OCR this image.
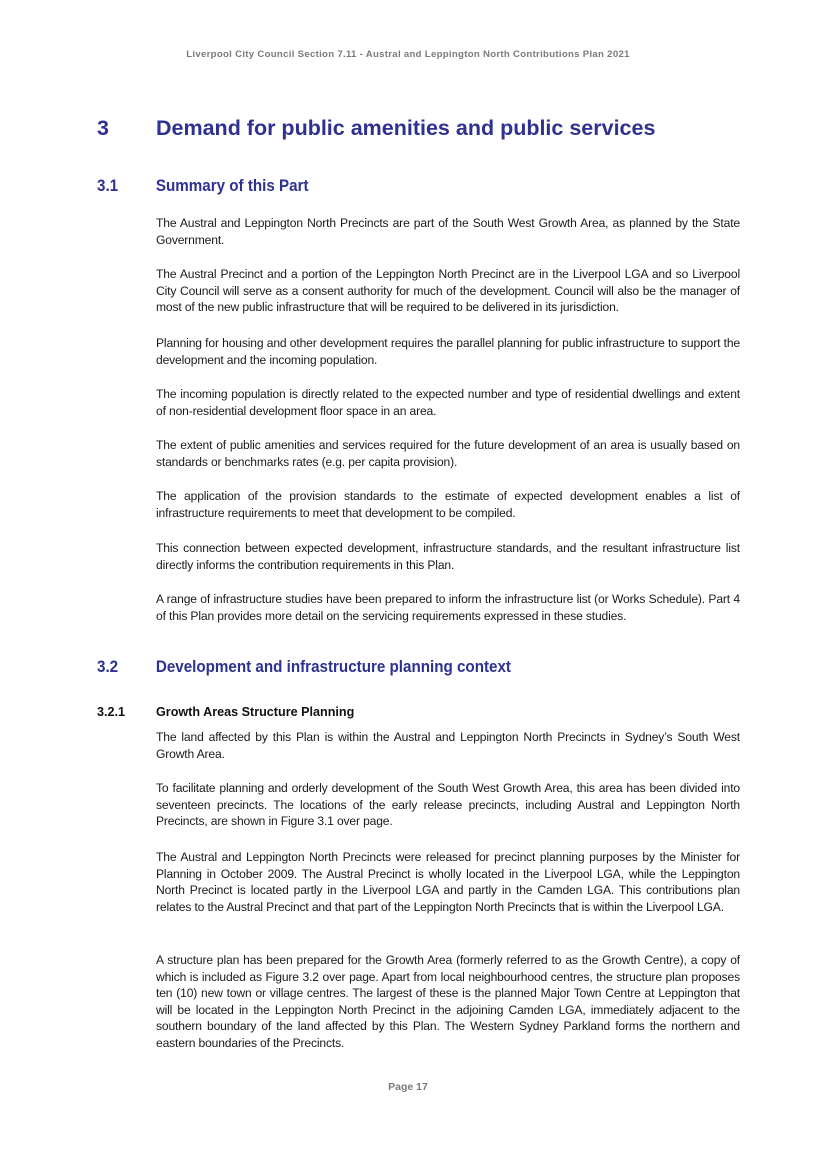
Liverpool City Council Section 7.11 - Austral and Leppington North Contributions Plan 2021
3 Demand for public amenities and public services
3.1 Summary of this Part

The Austral and Leppington North Precincts are part of the South West Growth Area, as planned by the State Government.

The Austral Precinct and a portion of the Leppington North Precinct are in the Liverpool LGA and so Liverpool City Council will serve as a consent authority for much of the development. Council will also be the manager of most of the new public infrastructure that will be required to be delivered in its jurisdiction.

Planning for housing and other development requires the parallel planning for public infrastructure to support the development and the incoming population.

The incoming population is directly related to the expected number and type of residential dwellings and extent of non-residential development floor space in an area.

The extent of public amenities and services required for the future development of an area is usually based on standards or benchmarks rates (e.g. per capita provision).

The application of the provision standards to the estimate of expected development enables a list of infrastructure requirements to meet that development to be compiled.

This connection between expected development, infrastructure standards, and the resultant infrastructure list directly informs the contribution requirements in this Plan.

A range of infrastructure studies have been prepared to inform the infrastructure list (or Works Schedule). Part 4 of this Plan provides more detail on the servicing requirements expressed in these studies.

3.2 Development and infrastructure planning context
3.2.1 Growth Areas Structure Planning

The land affected by this Plan is within the Austral and Leppington North Precincts in Sydney’s South West Growth Area.

To facilitate planning and orderly development of the South West Growth Area, this area has been divided into seventeen precincts. The locations of the early release precincts, including Austral and Leppington North Precincts, are shown in Figure 3.1 over page.

The Austral and Leppington North Precincts were released for precinct planning purposes by the Minister for Planning in October 2009. The Austral Precinct is wholly located in the Liverpool LGA, while the Leppington North Precinct is located partly in the Liverpool LGA and partly in the Camden LGA. This contributions plan relates to the Austral Precinct and that part of the Leppington North Precincts that is within the Liverpool LGA.

A structure plan has been prepared for the Growth Area (formerly referred to as the Growth Centre), a copy of which is included as Figure 3.2 over page. Apart from local neighbourhood centres, the structure plan proposes ten (10) new town or village centres. The largest of these is the planned Major Town Centre at Leppington that will be located in the Leppington North Precinct in the adjoining Camden LGA, immediately adjacent to the southern boundary of the land affected by this Plan. The Western Sydney Parkland forms the northern and eastern boundaries of the Precincts.

Page 17
